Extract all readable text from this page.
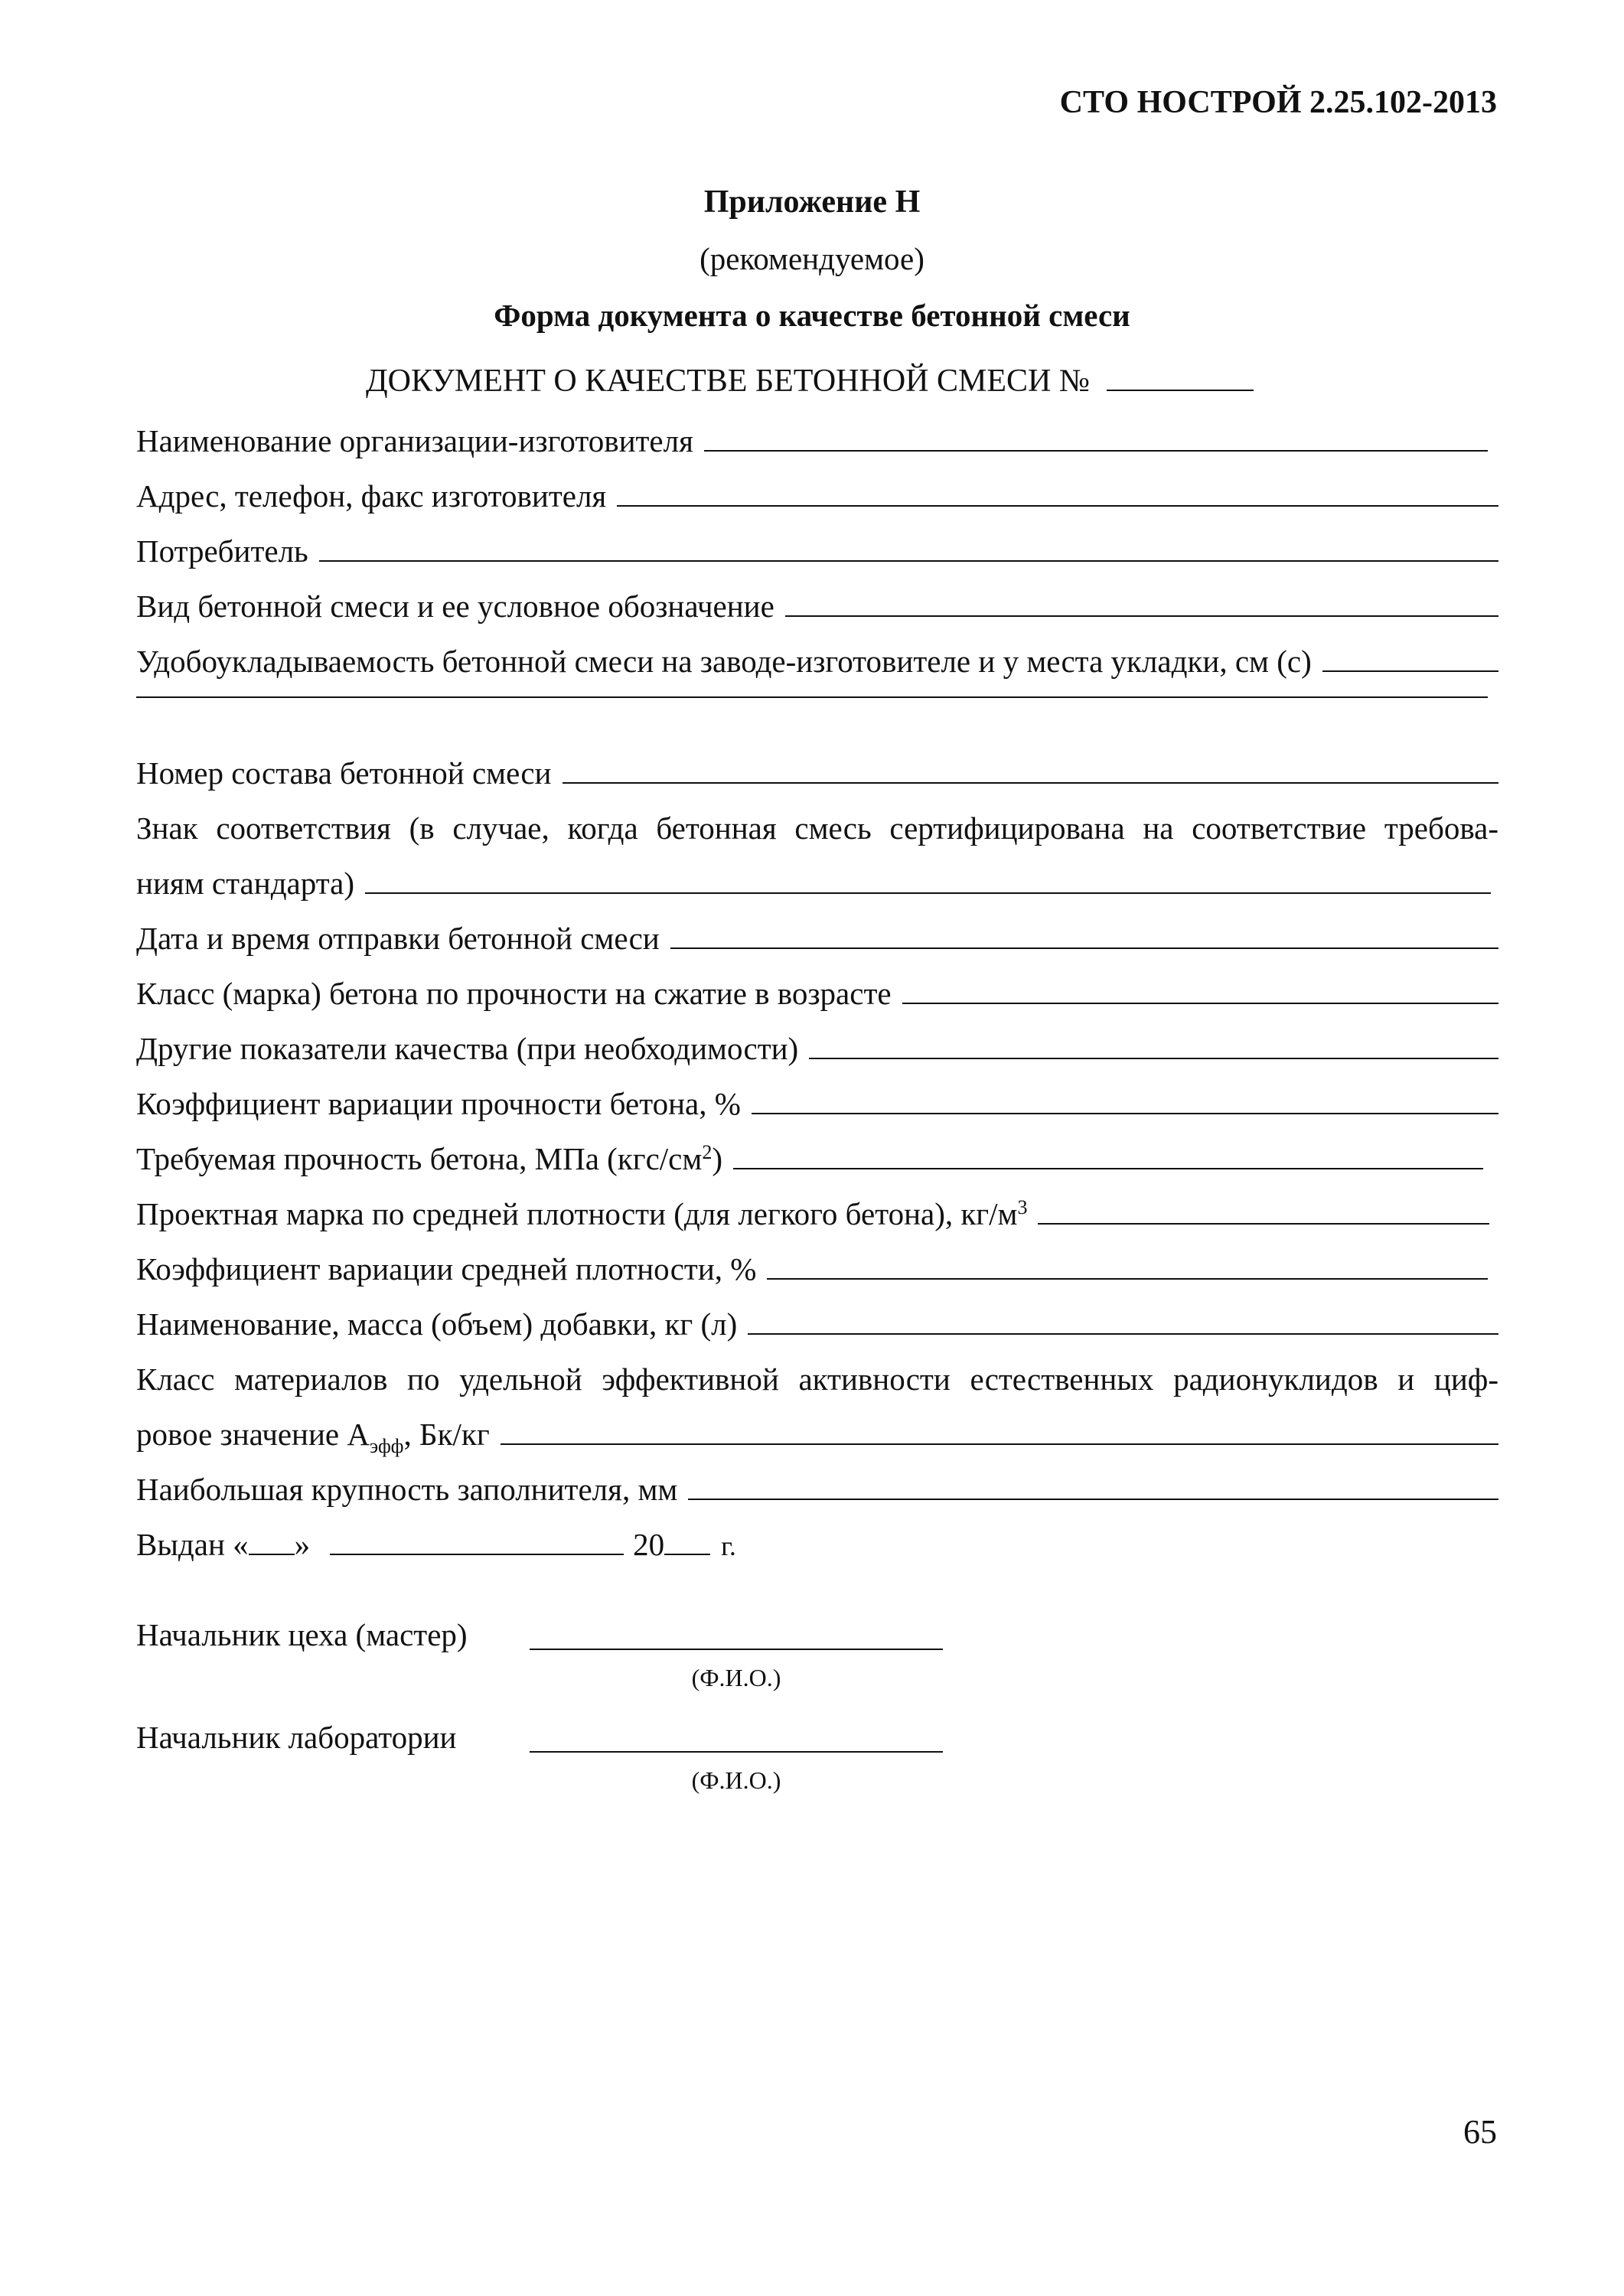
СТО НОСТРОЙ 2.25.102-2013
Приложение Н
(рекомендуемое)
Форма документа о качестве бетонной смеси
ДОКУМЕНТ О КАЧЕСТВЕ БЕТОННОЙ СМЕСИ №
Наименование организации-изготовителя
Адрес, телефон, факс изготовителя
Потребитель
Вид бетонной смеси и ее условное обозначение
Удобоукладываемость бетонной смеси на заводе-изготовителе и у места укладки, см (с)
Номер состава бетонной смеси
Знак соответствия (в случае, когда бетонная смесь сертифицирована на соответствие требова-
ниям стандарта)
Дата и время отправки бетонной смеси
Класс (марка) бетона по прочности на сжатие в возрасте
Другие показатели качества (при необходимости)
Коэффициент вариации прочности бетона, %
Требуемая прочность бетона, МПа $(кгс/см^2)$
Проектная марка по средней плотности (для легкого бетона), $кг/м^3$
Коэффициент вариации средней плотности, %
Наименование, масса (объем) добавки, кг (л)
Класс материалов по удельной эффективной активности естественных радионуклидов и циф-
ровое значение $А_{эфф}$, Бк/кг
Наибольшая крупность заполнителя, мм
Выдан « »	20 г.
Начальник цеха (мастер)
(Ф.И.О.)
Начальник лаборатории
(Ф.И.О.)
65
